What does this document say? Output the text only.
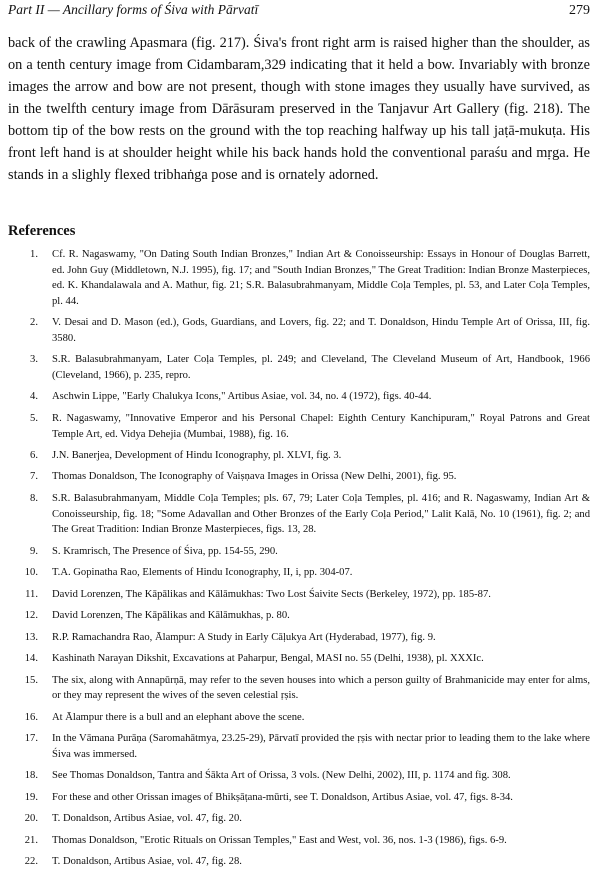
Part II — Ancillary forms of Śiva with Pārvatī	279

back of the crawling Apasmara (fig. 217). Śiva's front right arm is raised higher than the shoulder, as on a tenth century image from Cidambaram,329 indicating that it held a bow. Invariably with bronze images the arrow and bow are not present, though with stone images they usually have survived, as in the twelfth century image from Dārāsuram preserved in the Tanjavur Art Gallery (fig. 218). The bottom tip of the bow rests on the ground with the top reaching halfway up his tall jaṭā-mukuṭa. His front left hand is at shoulder height while his back hands hold the conventional paraśu and mṛga. He stands in a slighly flexed tribhaṅga pose and is ornately adorned.

References
1. Cf. R. Nagaswamy, "On Dating South Indian Bronzes," Indian Art & Conoisseurship: Essays in Honour of Douglas Barrett, ed. John Guy (Middletown, N.J. 1995), fig. 17; and "South Indian Bronzes," The Great Tradition: Indian Bronze Masterpieces, ed. K. Khandalawala and A. Mathur, fig. 21; S.R. Balasubrahmanyam, Middle Coḷa Temples, pl. 53, and Later Coḷa Temples, pl. 44.
2. V. Desai and D. Mason (ed.), Gods, Guardians, and Lovers, fig. 22; and T. Donaldson, Hindu Temple Art of Orissa, III, fig. 3580.
3. S.R. Balasubrahmanyam, Later Coḷa Temples, pl. 249; and Cleveland, The Cleveland Museum of Art, Handbook, 1966 (Cleveland, 1966), p. 235, repro.
4. Aschwin Lippe, "Early Chalukya Icons," Artibus Asiae, vol. 34, no. 4 (1972), figs. 40-44.
5. R. Nagaswamy, "Innovative Emperor and his Personal Chapel: Eighth Century Kanchipuram," Royal Patrons and Great Temple Art, ed. Vidya Dehejia (Mumbai, 1988), fig. 16.
6. J.N. Banerjea, Development of Hindu Iconography, pl. XLVI, fig. 3.
7. Thomas Donaldson, The Iconography of Vaiṣṇava Images in Orissa (New Delhi, 2001), fig. 95.
8. S.R. Balasubrahmanyam, Middle Coḷa Temples; pls. 67, 79; Later Coḷa Temples, pl. 416; and R. Nagaswamy, Indian Art & Conoisseurship, fig. 18; "Some Adavallan and Other Bronzes of the Early Coḷa Period," Lalit Kalā, No. 10 (1961), fig. 2; and The Great Tradition: Indian Bronze Masterpieces, figs. 13, 28.
9. S. Kramrisch, The Presence of Śiva, pp. 154-55, 290.
10. T.A. Gopinatha Rao, Elements of Hindu Iconography, II, i, pp. 304-07.
11. David Lorenzen, The Kāpālikas and Kālāmukhas: Two Lost Śaivite Sects (Berkeley, 1972), pp. 185-87.
12. David Lorenzen, The Kāpālikas and Kālāmukhas, p. 80.
13. R.P. Ramachandra Rao, Ālampur: A Study in Early Cāḷukya Art (Hyderabad, 1977), fig. 9.
14. Kashinath Narayan Dikshit, Excavations at Paharpur, Bengal, MASI no. 55 (Delhi, 1938), pl. XXXIc.
15. The six, along with Annapūrṇā, may refer to the seven houses into which a person guilty of Brahmanicide may enter for alms, or they may represent the wives of the seven celestial ṛṣis.
16. At Ālampur there is a bull and an elephant above the scene.
17. In the Vāmana Purāṇa (Saromahātmya, 23.25-29), Pārvatī provided the ṛṣis with nectar prior to leading them to the lake where Śiva was immersed.
18. See Thomas Donaldson, Tantra and Śākta Art of Orissa, 3 vols. (New Delhi, 2002), III, p. 1174 and fig. 308.
19. For these and other Orissan images of Bhikṣāṭana-mūrti, see T. Donaldson, Artibus Asiae, vol. 47, figs. 8-34.
20. T. Donaldson, Artibus Asiae, vol. 47, fig. 20.
21. Thomas Donaldson, "Erotic Rituals on Orissan Temples," East and West, vol. 36, nos. 1-3 (1986), figs. 6-9.
22. T. Donaldson, Artibus Asiae, vol. 47, fig. 28.
